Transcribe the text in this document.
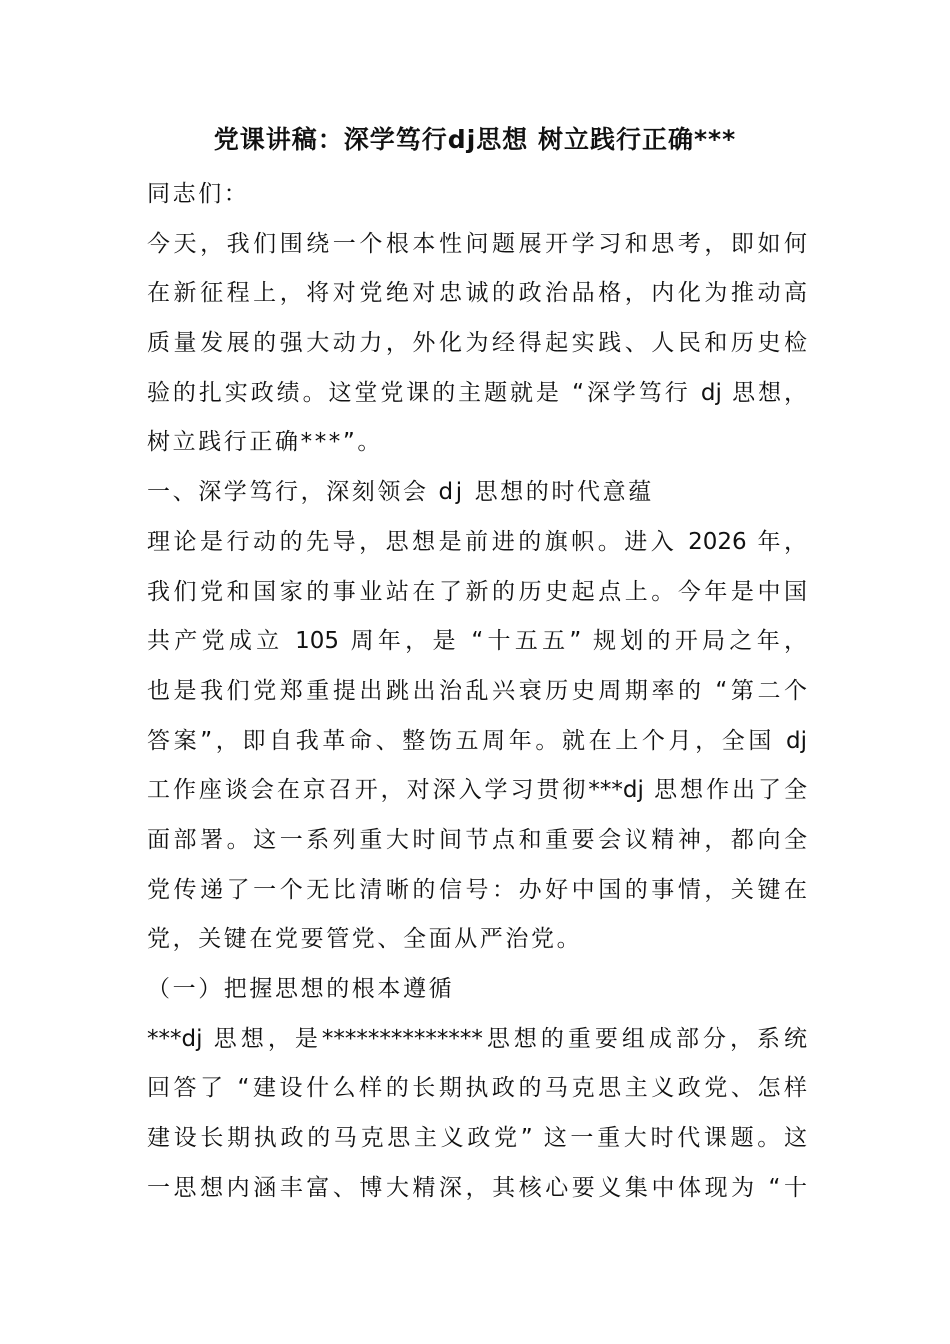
党课讲稿：深学笃行dj思想 树立践行正确***
同志们：
今天，我们围绕一个根本性问题展开学习和思考，即如何
在新征程上，将对党绝对忠诚的政治品格，内化为推动高
质量发展的强大动力，外化为经得起实践、人民和历史检
验的扎实政绩。这堂党课的主题就是 “深学笃行 dj 思想，
树立践行正确***”。
一、深学笃行，深刻领会 dj 思想的时代意蕴
理论是行动的先导，思想是前进的旗帜。进入 2026 年，
我们党和国家的事业站在了新的历史起点上。今年是中国
共产党成立 105 周年，是 “十五五” 规划的开局之年，
也是我们党郑重提出跳出治乱兴衰历史周期率的 “第二个
答案”，即自我革命、整饬五周年。就在上个月，全国 dj
工作座谈会在京召开，对深入学习贯彻***dj 思想作出了全
面部署。这一系列重大时间节点和重要会议精神，都向全
党传递了一个无比清晰的信号：办好中国的事情，关键在
党，关键在党要管党、全面从严治党。
（一）把握思想的根本遵循
***dj 思想，是**************思想的重要组成部分，系统
回答了 “建设什么样的长期执政的马克思主义政党、怎样
建设长期执政的马克思主义政党” 这一重大时代课题。这
一思想内涵丰富、博大精深，其核心要义集中体现为 “十
